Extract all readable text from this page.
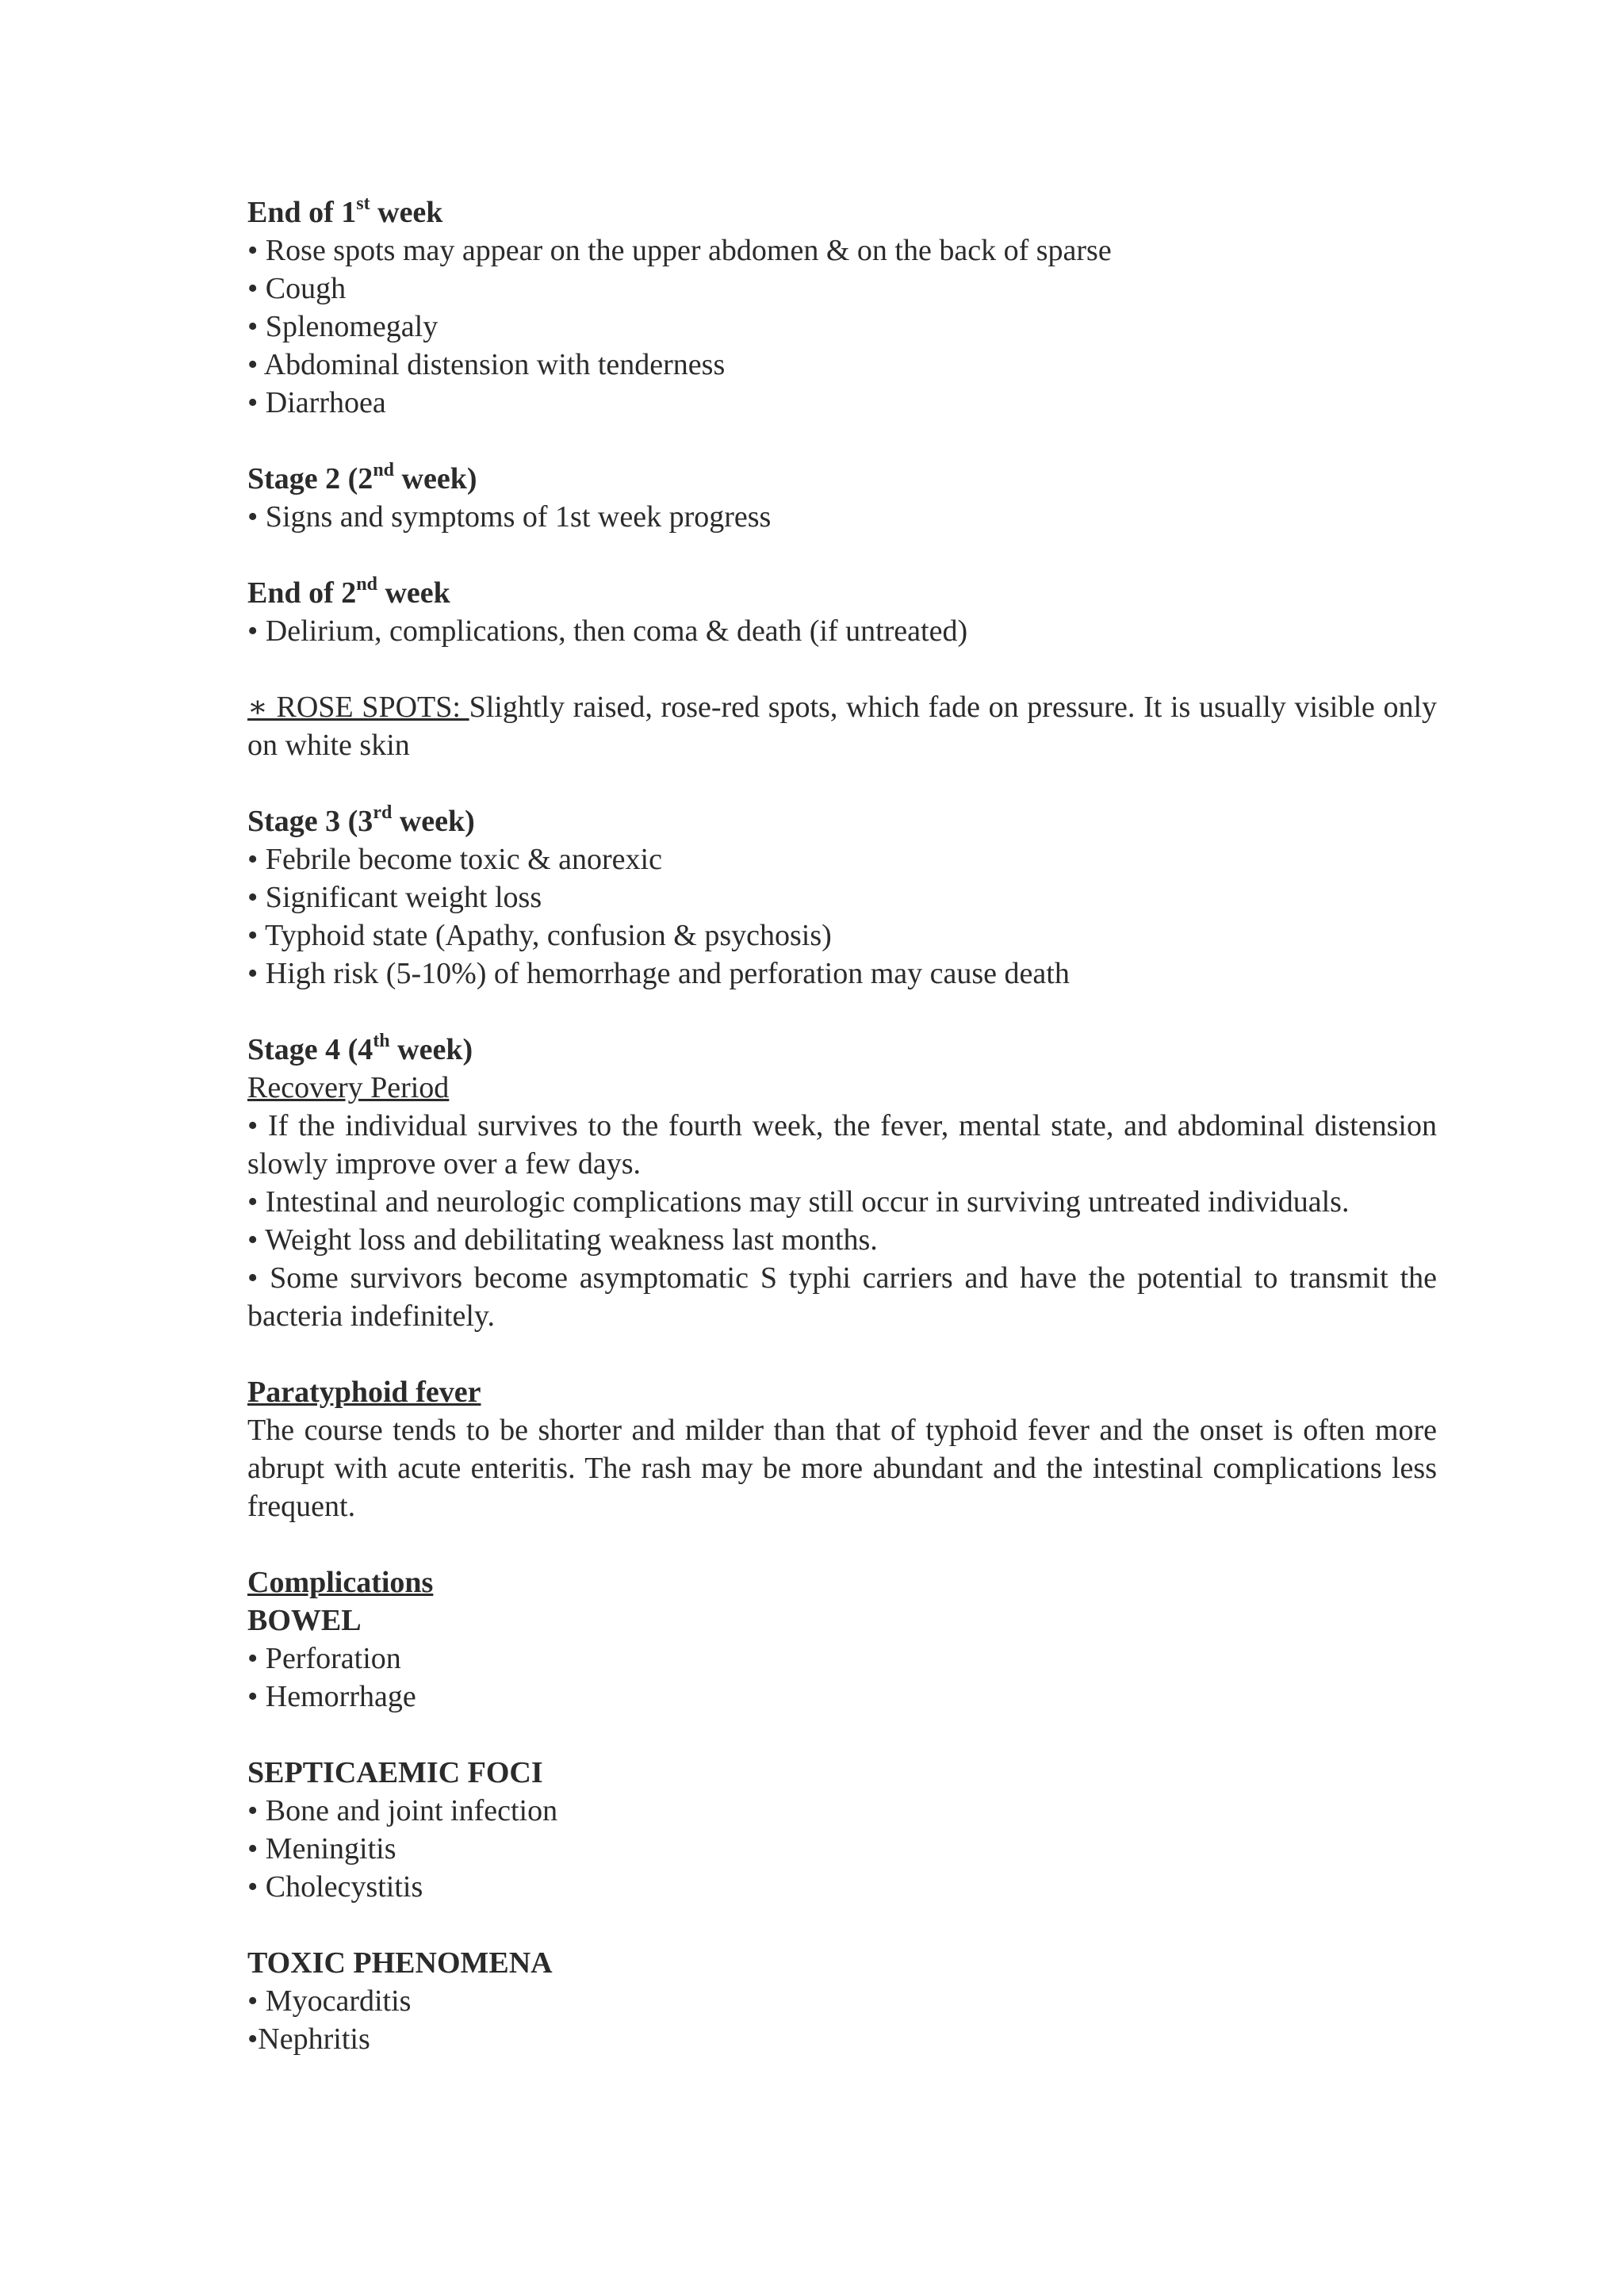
End of 1st week
• Rose spots may appear on the upper abdomen & on the back of sparse
• Cough
• Splenomegaly
• Abdominal distension with tenderness
• Diarrhoea
Stage 2 (2nd week)
• Signs and symptoms of 1st week progress
End of 2nd week
• Delirium, complications, then coma & death (if untreated)
∗ ROSE SPOTS: Slightly raised, rose-red spots, which fade on pressure. It is usually visible only on white skin
Stage 3 (3rd week)
• Febrile become toxic & anorexic
• Significant weight loss
• Typhoid state (Apathy, confusion & psychosis)
• High risk (5-10%) of hemorrhage and perforation may cause death
Stage 4 (4th week)
Recovery Period
• If the individual survives to the fourth week, the fever, mental state, and abdominal distension slowly improve over a few days.
• Intestinal and neurologic complications may still occur in surviving untreated individuals.
• Weight loss and debilitating weakness last months.
• Some survivors become asymptomatic S typhi carriers and have the potential to transmit the bacteria indefinitely.
Paratyphoid fever
The course tends to be shorter and milder than that of typhoid fever and the onset is often more abrupt with acute enteritis. The rash may be more abundant and the intestinal complications less frequent.
Complications
BOWEL
• Perforation
• Hemorrhage
SEPTICAEMIC FOCI
• Bone and joint infection
• Meningitis
• Cholecystitis
TOXIC PHENOMENA
• Myocarditis
•Nephritis
